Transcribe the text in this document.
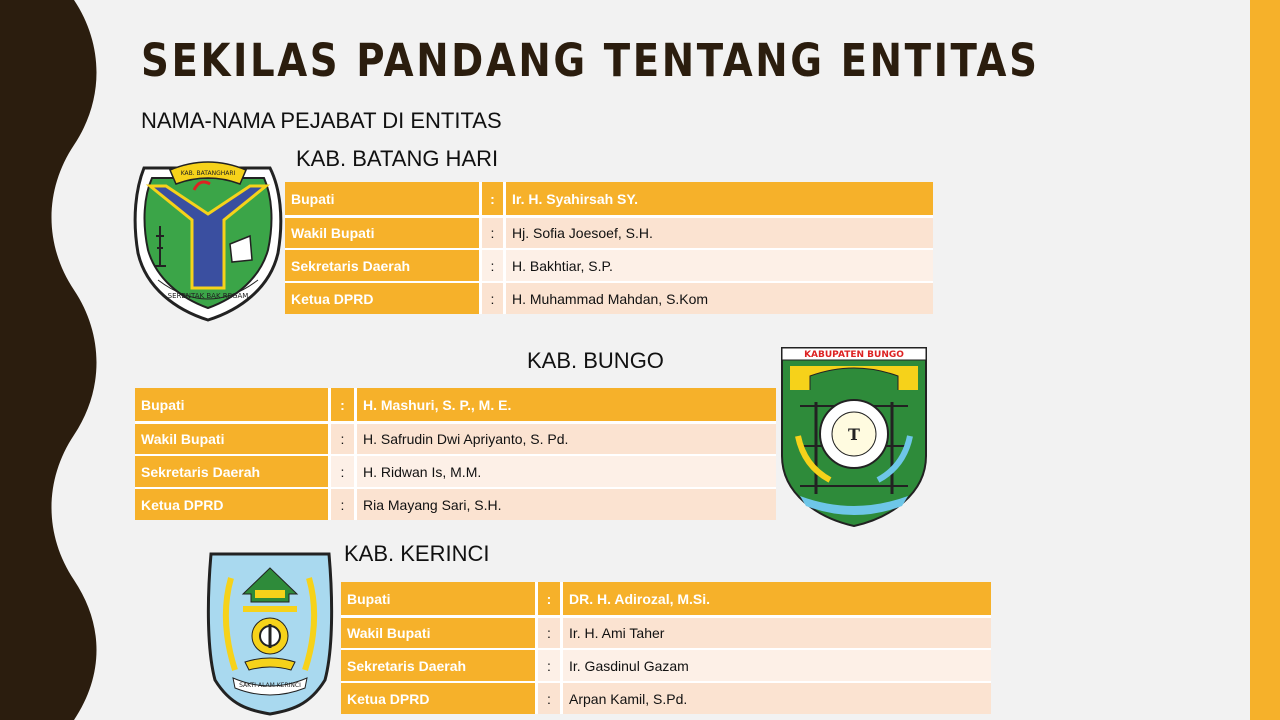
SEKILAS PANDANG TENTANG ENTITAS
NAMA-NAMA PEJABAT DI ENTITAS
KAB. BATANG HARI
KAB. BATANGHARI
SERENTAK BAK REGAM
Bupati	:	Ir. H. Syahirsah SY.
Wakil Bupati	:	Hj. Sofia Joesoef, S.H.
Sekretaris Daerah	:	H. Bakhtiar, S.P.
Ketua DPRD	:	H. Muhammad Mahdan, S.Kom
KAB. BUNGO	KABUPATEN BUNGO
T
Bupati	:	H. Mashuri, S. P., M. E.
Wakil Bupati	:	H. Safrudin Dwi Apriyanto, S. Pd.
Sekretaris Daerah	:	H. Ridwan Is, M.M.
Ketua DPRD	:	Ria Mayang Sari, S.H.
KAB. KERINCI
SAKTI ALAM KERINCI
Bupati	:	DR. H. Adirozal, M.Si.
Wakil Bupati	:	Ir. H. Ami Taher
Sekretaris Daerah	:	Ir. Gasdinul Gazam
Ketua DPRD	:	Arpan Kamil, S.Pd.
